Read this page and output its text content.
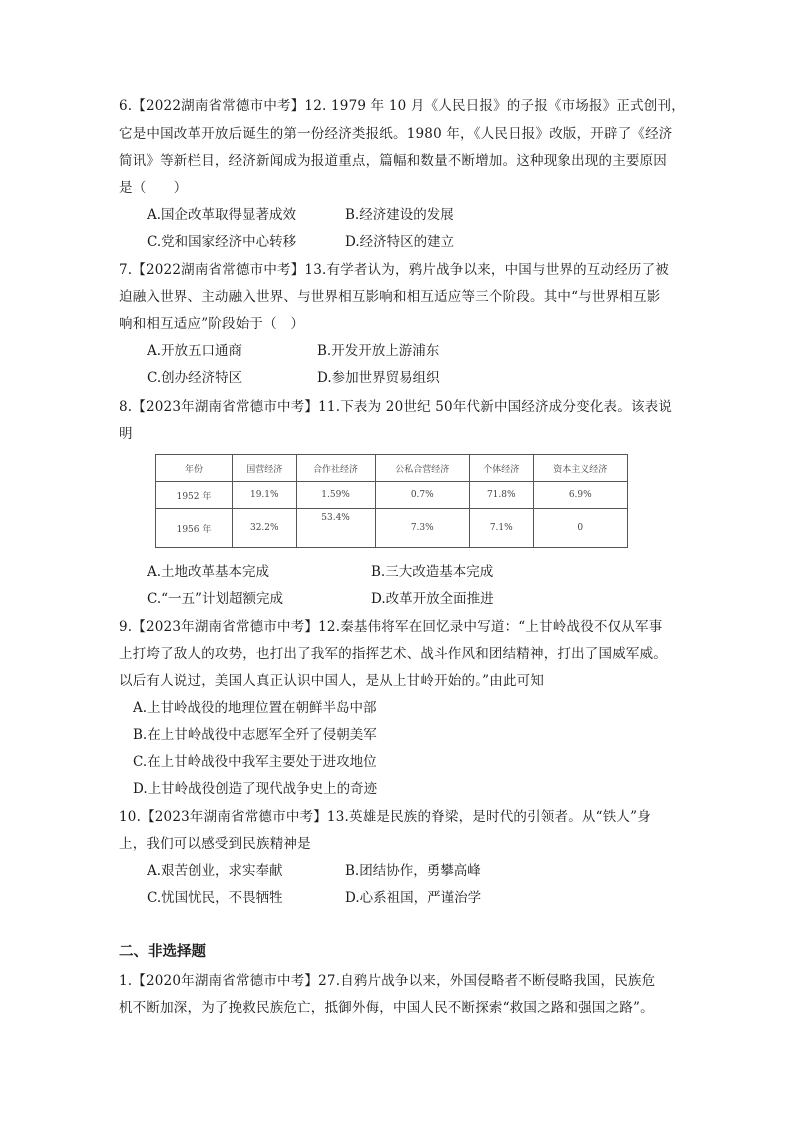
6.【2022湖南省常德市中考】12. 1979 年 10 月《人民日报》的子报《市场报》正式创刊，
它是中国改革开放后诞生的第一份经济类报纸。1980 年，《人民日报》改版，开辟了《经济
简讯》等新栏目，经济新闻成为报道重点，篇幅和数量不断增加。这种现象出现的主要原因
是（　　）
A.国企改革取得显著成效	B.经济建设的发展
C.党和国家经济中心转移	D.经济特区的建立
7.【2022湖南省常德市中考】13.有学者认为，鸦片战争以来，中国与世界的互动经历了被
迫融入世界、主动融入世界、与世界相互影响和相互适应等三个阶段。其中“与世界相互影
响和相互适应”阶段始于（　）
A.开放五口通商	B.开发开放上游浦东
C.创办经济特区	D.参加世界贸易组织
8.【2023年湖南省常德市中考】11.下表为 20世纪 50年代新中国经济成分变化表。该表说
明
年份	国营经济	合作社经济	公私合营经济	个体经济	资本主义经济
1952 年	19.1%	1.59%	0.7%	71.8%	6.9%
1956 年	32.2%	53.4%	7.3%	7.1%	0
A.土地改革基本完成	B.三大改造基本完成
C.“一五”计划超额完成	D.改革开放全面推进
9.【2023年湖南省常德市中考】12.秦基伟将军在回忆录中写道：“上甘岭战役不仅从军事
上打垮了敌人的攻势，也打出了我军的指挥艺术、战斗作风和团结精神，打出了国威军威。
以后有人说过，美国人真正认识中国人，是从上甘岭开始的。”由此可知
A.上甘岭战役的地理位置在朝鲜半岛中部
B.在上甘岭战役中志愿军全歼了侵朝美军
C.在上甘岭战役中我军主要处于进攻地位
D.上甘岭战役创造了现代战争史上的奇迹
10.【2023年湖南省常德市中考】13.英雄是民族的脊梁，是时代的引领者。从“铁人”身
上，我们可以感受到民族精神是
A.艰苦创业，求实奉献	B.团结协作，勇攀高峰
C.忧国忧民，不畏牺牲	D.心系祖国，严谨治学
二、非选择题
1.【2020年湖南省常德市中考】27.自鸦片战争以来，外国侵略者不断侵略我国，民族危
机不断加深，为了挽救民族危亡，抵御外侮，中国人民不断探索“救国之路和强国之路”。
